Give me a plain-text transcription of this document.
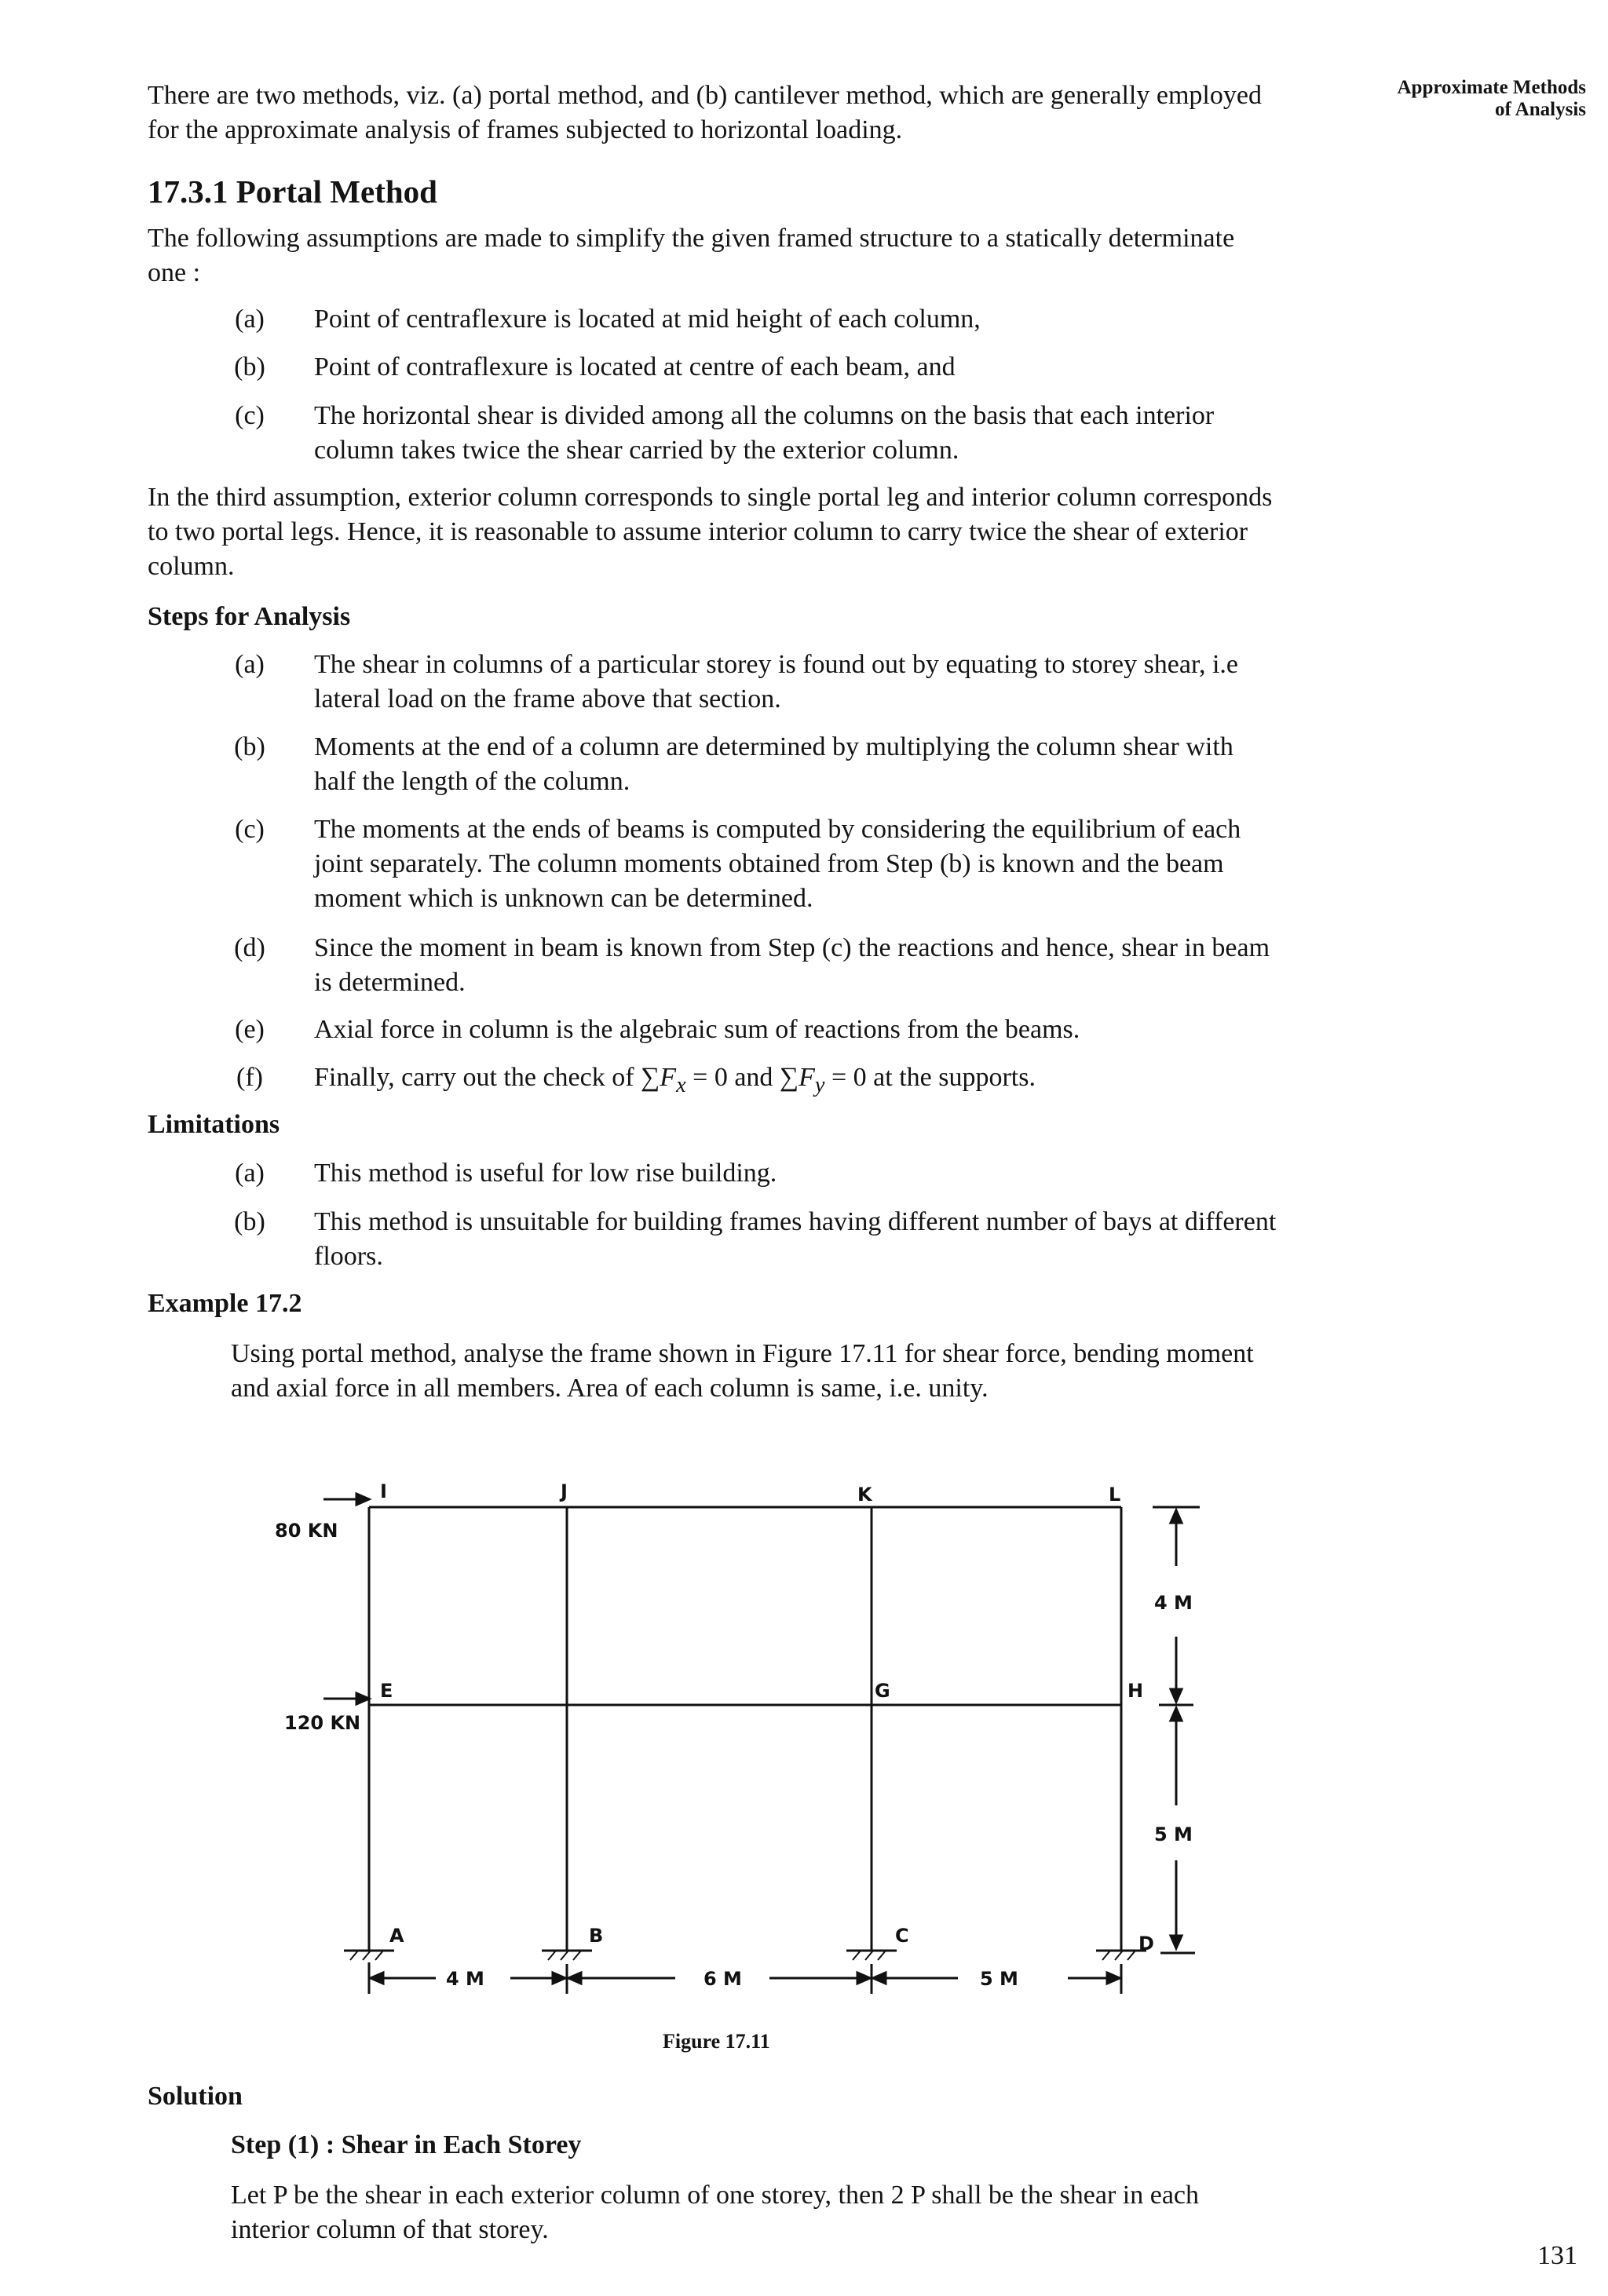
Approximate Methods
of Analysis

There are two methods, viz. (a) portal method, and (b) cantilever method, which are generally employed for the approximate analysis of frames subjected to horizontal loading.

17.3.1 Portal Method

The following assumptions are made to simplify the given framed structure to a statically determinate one :

(a) Point of centraflexure is located at mid height of each column,
(b) Point of contraflexure is located at centre of each beam, and
(c) The horizontal shear is divided among all the columns on the basis that each interior column takes twice the shear carried by the exterior column.

In the third assumption, exterior column corresponds to single portal leg and interior column corresponds to two portal legs. Hence, it is reasonable to assume interior column to carry twice the shear of exterior column.

Steps for Analysis
(a) The shear in columns of a particular storey is found out by equating to storey shear, i.e lateral load on the frame above that section.
(b) Moments at the end of a column are determined by multiplying the column shear with half the length of the column.
(c) The moments at the ends of beams is computed by considering the equilibrium of each joint separately. The column moments obtained from Step (b) is known and the beam moment which is unknown can be determined.
(d) Since the moment in beam is known from Step (c) the reactions and hence, shear in beam is determined.
(e) Axial force in column is the algebraic sum of reactions from the beams.
(f) Finally, carry out the check of $\sum F_x = 0$ and $\sum F_y = 0$ at the supports.
Limitations
(a) This method is useful for low rise building.
(b) This method is unsuitable for building frames having different number of bays at different floors.
Example 17.2

Using portal method, analyse the frame shown in Figure 17.11 for shear force, bending moment and axial force in all members. Area of each column is same, i.e. unity.

80 KN
120 KN
I	J	K	L
E	G	H
A	B	C	D
4 M
5 M
4 M	6 M	5 M
Figure 17.11
Solution
Step (1) : Shear in Each Storey

Let P be the shear in each exterior column of one storey, then 2 P shall be the shear in each interior column of that storey.

131
